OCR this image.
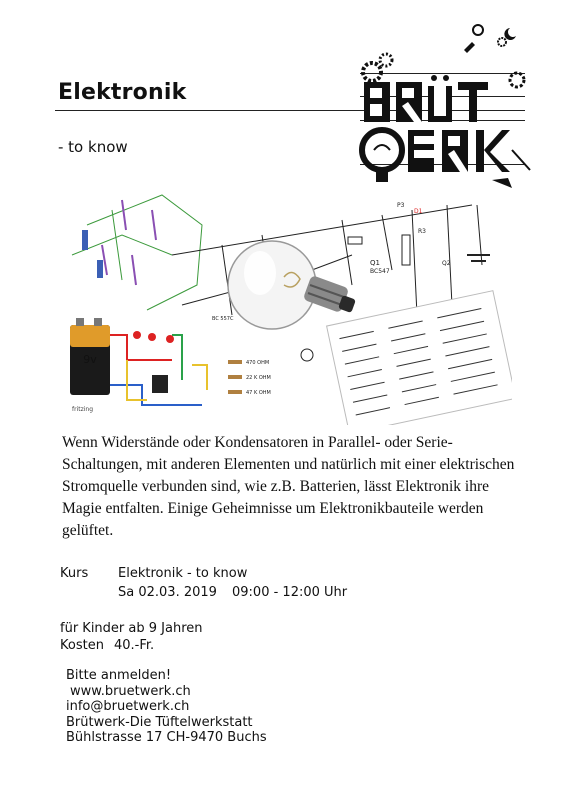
Elektronik
- to know
9v
fritzing
Q1
BC547
P3
R3
Q2
D1
BC 557C
470 OHM
22 K OHM
47 K OHM
Wenn Widerstände oder Kondensatoren in Parallel- oder Serie-Schaltungen, mit anderen Elementen und natürlich mit einer elektrischen Stromquelle verbunden sind, wie z.B. Batterien, lässt Elektronik ihre Magie entfalten. Einige Geheimnisse um Elektronikbauteile werden gelüftet.
Kurs Elektronik - to know
Sa 02.03. 2019 09:00 - 12:00 Uhr
für Kinder ab 9 Jahren
Kosten 40.-Fr.
Bitte anmelden!
www.bruetwerk.ch
info@bruetwerk.ch
Brütwerk-Die Tüftelwerkstatt
Bühlstrasse 17 CH-9470 Buchs
